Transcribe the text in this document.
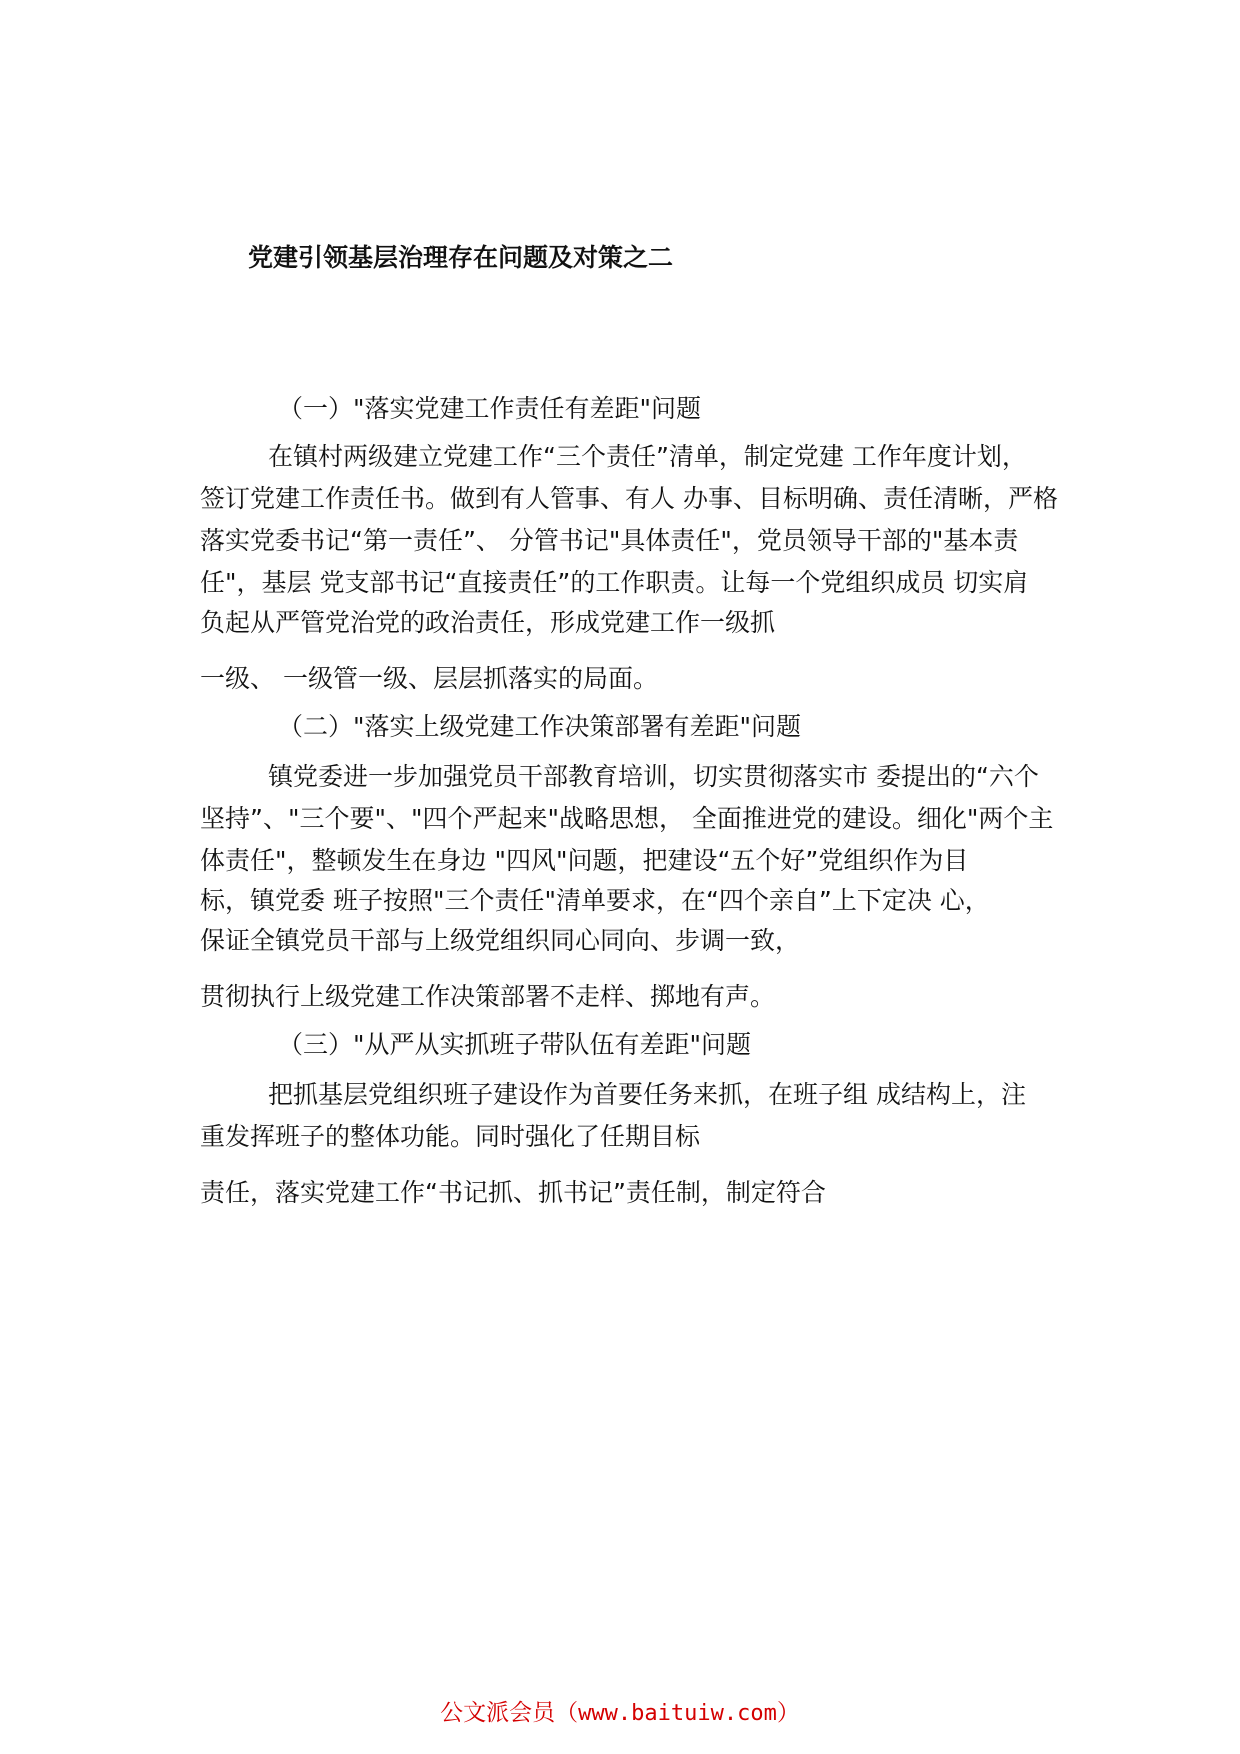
党建引领基层治理存在问题及对策之二
（一）"落实党建工作责任有差距"问题
在镇村两级建立党建工作“三个责任”清单，制定党建 工作年度计划，
签订党建工作责任书。做到有人管事、有人 办事、目标明确、责任清晰，严格
落实党委书记“第一责任”、 分管书记"具体责任"，党员领导干部的"基本责
任"，基层 党支部书记“直接责任”的工作职责。让每一个党组织成员 切实肩
负起从严管党治党的政治责任，形成党建工作一级抓
一级、 一级管一级、层层抓落实的局面。
（二）"落实上级党建工作决策部署有差距"问题
镇党委进一步加强党员干部教育培训，切实贯彻落实市 委提出的“六个
坚持”、"三个要"、"四个严起来"战略思想， 全面推进党的建设。细化"两个主
体责任"，整顿发生在身边 "四风"问题，把建设“五个好”党组织作为目
标，镇党委 班子按照"三个责任"清单要求，在“四个亲自”上下定决 心，
保证全镇党员干部与上级党组织同心同向、步调一致，
贯彻执行上级党建工作决策部署不走样、掷地有声。
（三）"从严从实抓班子带队伍有差距"问题
把抓基层党组织班子建设作为首要任务来抓，在班子组 成结构上，注
重发挥班子的整体功能。同时强化了任期目标
责任，落实党建工作“书记抓、抓书记”责任制，制定符合
公文派会员（www.baituiw.com）
